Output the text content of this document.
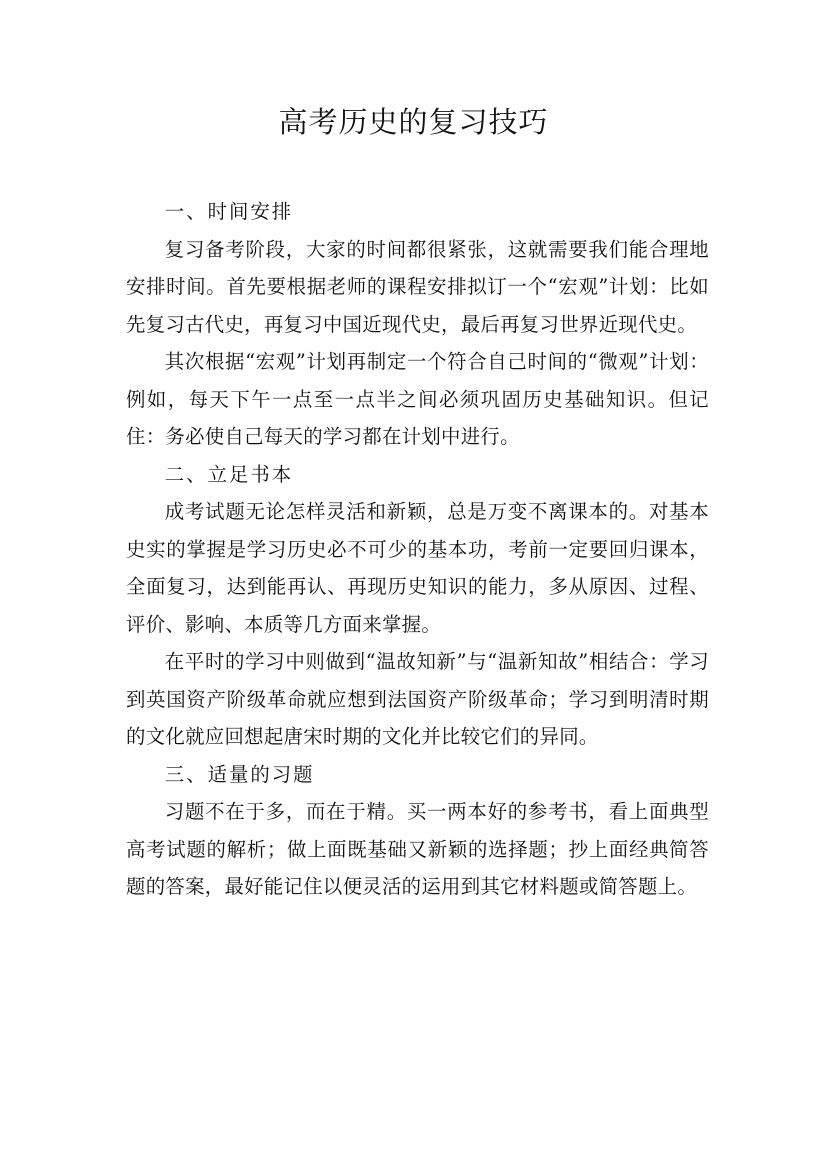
高考历史的复习技巧
一、时间安排
复习备考阶段，大家的时间都很紧张，这就需要我们能合理地安排时间。首先要根据老师的课程安排拟订一个“宏观”计划：比如先复习古代史，再复习中国近现代史，最后再复习世界近现代史。
其次根据“宏观”计划再制定一个符合自己时间的“微观”计划：例如，每天下午一点至一点半之间必须巩固历史基础知识。但记住：务必使自己每天的学习都在计划中进行。
二、立足书本
成考试题无论怎样灵活和新颖，总是万变不离课本的。对基本史实的掌握是学习历史必不可少的基本功，考前一定要回归课本，全面复习，达到能再认、再现历史知识的能力，多从原因、过程、评价、影响、本质等几方面来掌握。
在平时的学习中则做到“温故知新”与“温新知故”相结合：学习到英国资产阶级革命就应想到法国资产阶级革命；学习到明清时期的文化就应回想起唐宋时期的文化并比较它们的异同。
三、适量的习题
习题不在于多，而在于精。买一两本好的参考书，看上面典型高考试题的解析；做上面既基础又新颖的选择题；抄上面经典简答题的答案，最好能记住以便灵活的运用到其它材料题或简答题上。
